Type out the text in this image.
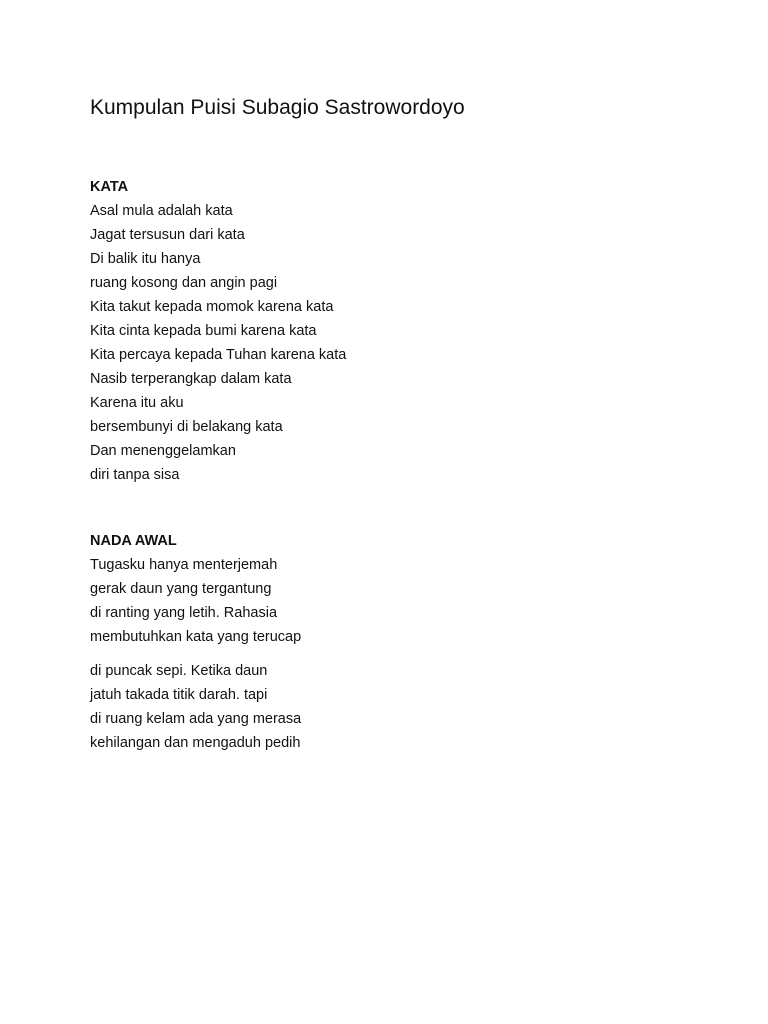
Kumpulan Puisi Subagio Sastrowordoyo
KATA
Asal mula adalah kata
Jagat tersusun dari kata
Di balik itu hanya
ruang kosong dan angin pagi
Kita takut kepada momok karena kata
Kita cinta kepada bumi karena kata
Kita percaya kepada Tuhan karena kata
Nasib terperangkap dalam kata
Karena itu aku
bersembunyi di belakang kata
Dan menenggelamkan
diri tanpa sisa
NADA AWAL
Tugasku hanya menterjemah
gerak daun yang tergantung
di ranting yang letih. Rahasia
membutuhkan kata yang terucap
di puncak sepi. Ketika daun
jatuh takada titik darah. tapi
di ruang kelam ada yang merasa
kehilangan dan mengaduh pedih
